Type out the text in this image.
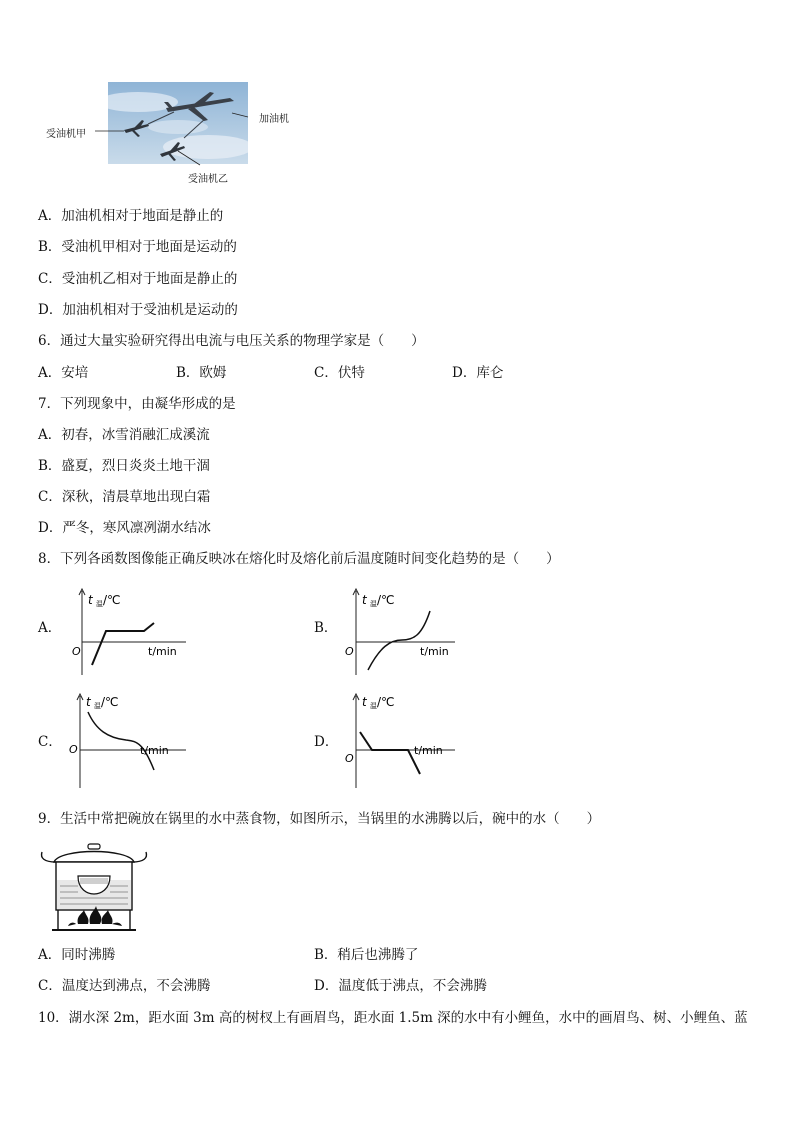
加油机
受油机甲
受油机乙
A．加油机相对于地面是静止的
B．受油机甲相对于地面是运动的
C．受油机乙相对于地面是静止的
D．加油机相对于受油机是运动的
6．通过大量实验研究得出电流与电压关系的物理学家是（　　）
A．安培	B．欧姆	C．伏特	D．库仑
7．下列现象中，由凝华形成的是
A．初春，冰雪消融汇成溪流
B．盛夏，烈日炎炎土地干涸
C．深秋，清晨草地出现白霜
D．严冬，寒风凛冽湖水结冰
8．下列各函数图像能正确反映冰在熔化时及熔化前后温度随时间变化趋势的是（　　）
A．	B．
C．	D．
t 温 /℃
O	t/min
t 温 /℃
O	t/min
t 温 /℃
O	t/min
t 温 /℃
O
t/min
9．生活中常把碗放在锅里的水中蒸食物，如图所示，当锅里的水沸腾以后，碗中的水（　　）
A．同时沸腾	B．稍后也沸腾了
C．温度达到沸点，不会沸腾	D．温度低于沸点，不会沸腾
10．湖水深 2m，距水面 3m 高的树杈上有画眉鸟，距水面 1.5m 深的水中有小鲤鱼，水中的画眉鸟、树、小鲤鱼、蓝
